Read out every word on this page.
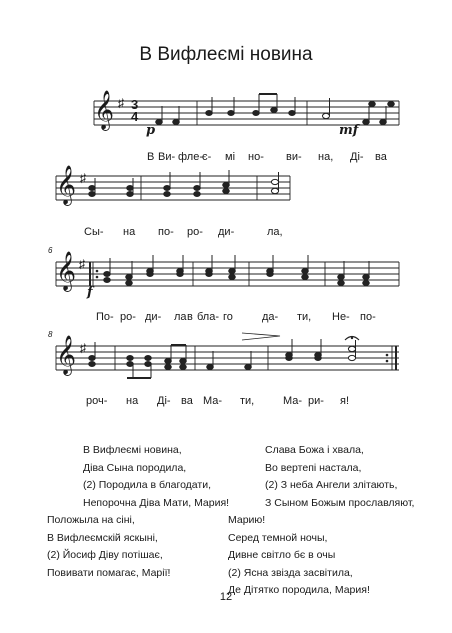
В Вифлеємі новина
𝄞 ♯ 3
4
p	mf
В Ви- фле-
є- мі но- ви- на, Ді- ва
𝄞 ♯
Сы- на по- ро- ди-	ла,
6
𝄞 ♯
f
По- ро- ди- ла в бла- го	да- ти, Не- по-
8
𝄞 ♯
роч- на Ді- ва Ма- ти,	Ма- ри- я!
В Вифлеємі новина,
Діва Сына породила,
(2) Породила в благодати,
Непорочна Діва Мати, Мария!
Положыла на сіні,
В Вифлеємскій яскыні,
(2) Йосиф Діву потішає,
Повивати помагає, Марії!
Слава Божа і хвала,
Во вертепі настала,
(2) З неба Ангели злітають,
З Сыном Божым прославляют,
Марию!
Серед темной ночы,
Дивне світло бє в очы
(2) Ясна звізда засвітила,
Де Дітятко породила, Мария!
12
